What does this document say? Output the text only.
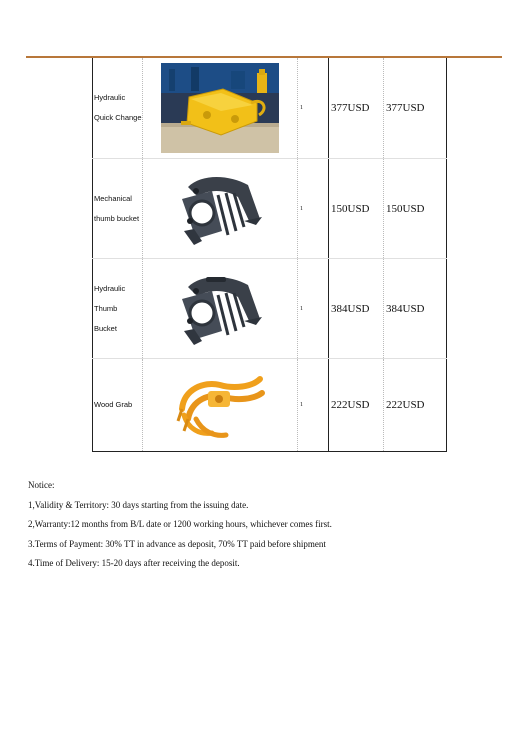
Hydraulic
Quick Change		1	377USD	377USD

Mechanical
thumb bucket		1	150USD	150USD

Hydraulic
Thumb Bucket		1	384USD	384USD

Wood Grab		1	222USD	222USD
Notice:
1,Validity & Territory: 30 days starting from the issuing date.
2,Warranty:12 months from B/L date or 1200 working hours, whichever comes first.
3.Terms of Payment: 30% TT in advance as deposit, 70% TT paid before shipment
4.Time of Delivery: 15-20 days after receiving the deposit.
